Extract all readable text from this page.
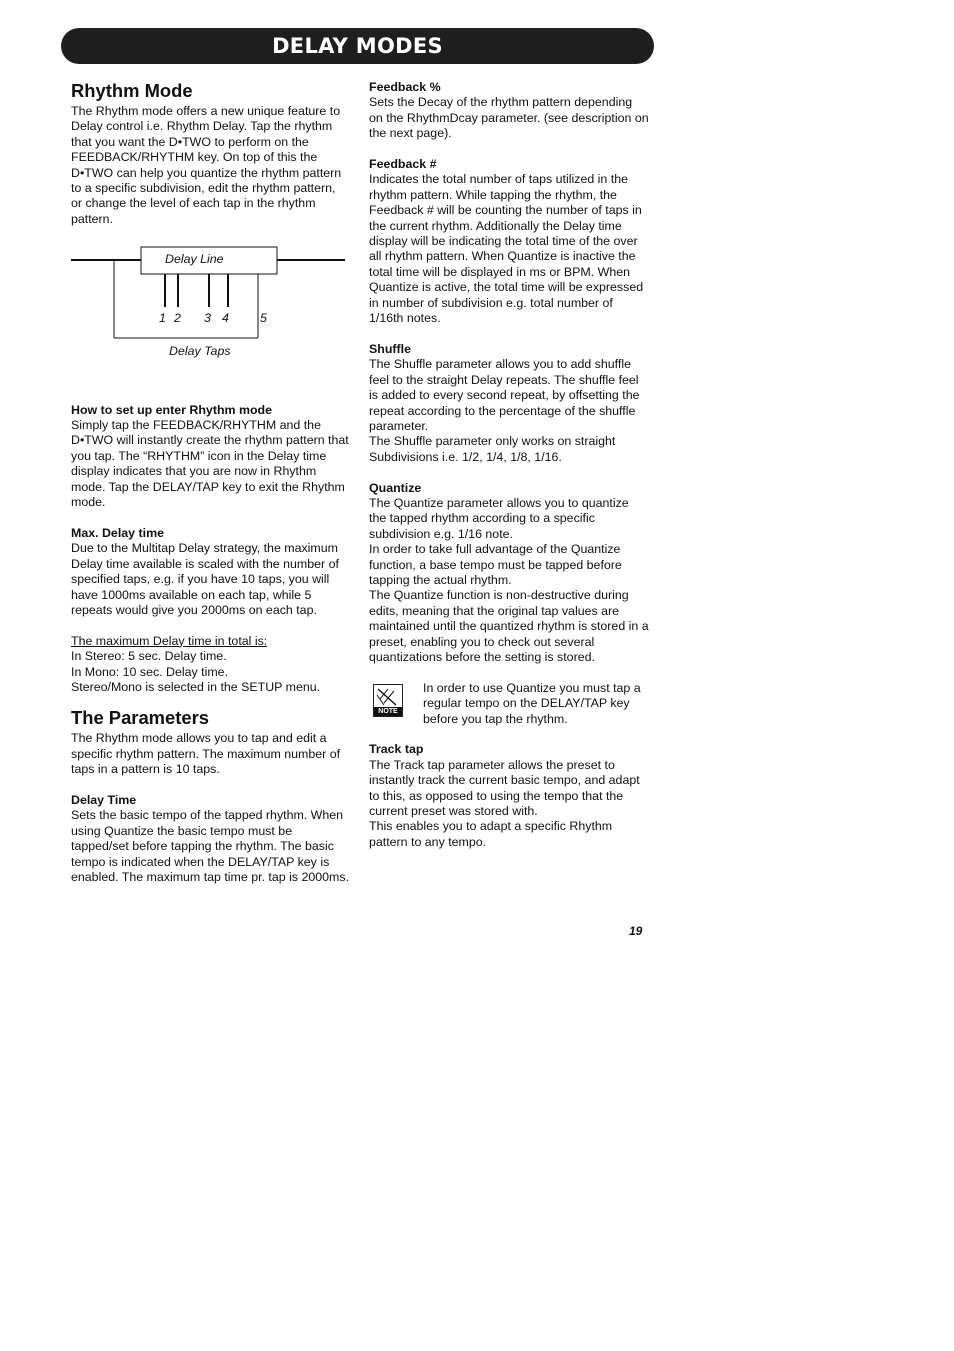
DELAY MODES
Rhythm Mode

The Rhythm mode offers a new unique feature to Delay control i.e. Rhythm Delay. Tap the rhythm that you want the D•TWO to perform on the FEEDBACK/RHYTHM key. On top of this the D•TWO can help you quantize the rhythm pattern to a specific subdivision, edit the rhythm pattern, or change the level of each tap in the rhythm pattern.

Delay Line
1 2 3 4	5
Delay Taps

How to set up enter Rhythm mode

Simply tap the FEEDBACK/RHYTHM and the D•TWO will instantly create the rhythm pattern that you tap. The “RHYTHM” icon in the Delay time display indicates that you are now in Rhythm mode. Tap the DELAY/TAP key to exit the Rhythm mode.

Max. Delay time

Due to the Multitap Delay strategy, the maximum Delay time available is scaled with the number of specified taps, e.g. if you have 10 taps, you will have 1000ms available on each tap, while 5 repeats would give you 2000ms on each tap.

The maximum Delay time in total is:

In Stereo: 5 sec. Delay time.

In Mono: 10 sec. Delay time.

Stereo/Mono is selected in the SETUP menu.

The Parameters

The Rhythm mode allows you to tap and edit a specific rhythm pattern. The maximum number of taps in a pattern is 10 taps.

Delay Time

Sets the basic tempo of the tapped rhythm. When using Quantize the basic tempo must be tapped/set before tapping the rhythm. The basic tempo is indicated when the DELAY/TAP key is enabled. The maximum tap time pr. tap is 2000ms.

Feedback %

Sets the Decay of the rhythm pattern depending on the RhythmDcay parameter. (see description on the next page).

Feedback #

Indicates the total number of taps utilized in the rhythm pattern. While tapping the rhythm, the Feedback # will be counting the number of taps in the current rhythm. Additionally the Delay time display will be indicating the total time of the over all rhythm pattern. When Quantize is inactive the total time will be displayed in ms or BPM. When Quantize is active, the total time will be expressed in number of subdivision e.g. total number of 1/16th notes.

Shuffle

The Shuffle parameter allows you to add shuffle feel to the straight Delay repeats. The shuffle feel is added to every second repeat, by offsetting the repeat according to the percentage of the shuffle parameter.

The Shuffle parameter only works on straight Subdivisions i.e. 1/2, 1/4, 1/8, 1/16.

Quantize

The Quantize parameter allows you to quantize the tapped rhythm according to a specific subdivision e.g. 1/16 note.

In order to take full advantage of the Quantize function, a base tempo must be tapped before tapping the actual rhythm.

The Quantize function is non-destructive during edits, meaning that the original tap values are maintained until the quantized rhythm is stored in a preset, enabling you to check out several quantizations before the setting is stored.

NOTE

In order to use Quantize you must tap a regular tempo on the DELAY/TAP key before you tap the rhythm.

Track tap

The Track tap parameter allows the preset to instantly track the current basic tempo, and adapt to this, as opposed to using the tempo that the current preset was stored with.

This enables you to adapt a specific Rhythm pattern to any tempo.

19
